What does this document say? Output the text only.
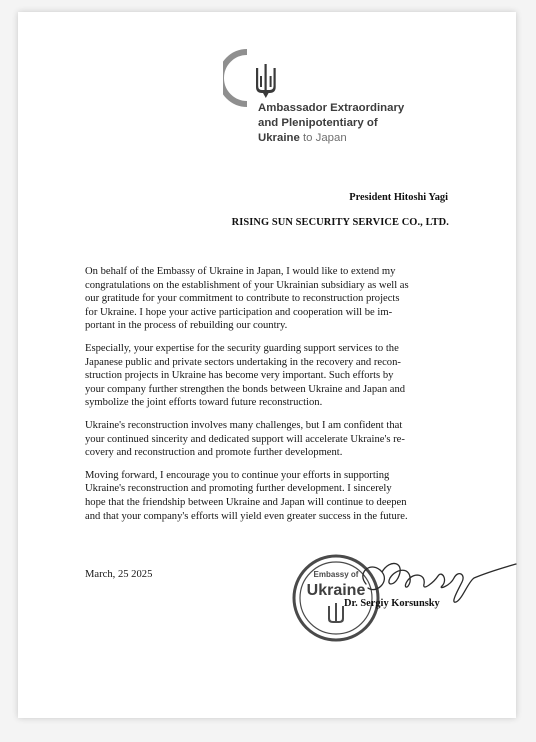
Ambassador Extraordinary
and Plenipotentiary of
Ukraine to Japan
President Hitoshi Yagi
RISING SUN SECURITY SERVICE CO., LTD.

On behalf of the Embassy of Ukraine in Japan, I would like to extend my
congratulations on the establishment of your Ukrainian subsidiary as well as
our gratitude for your commitment to contribute to reconstruction projects
for Ukraine. I hope your active participation and cooperation will be im-
portant in the process of rebuilding our country.

Especially, your expertise for the security guarding support services to the
Japanese public and private sectors undertaking in the recovery and recon-
struction projects in Ukraine has become very important. Such efforts by
your company further strengthen the bonds between Ukraine and Japan and
symbolize the joint efforts toward future reconstruction.

Ukraine's reconstruction involves many challenges, but I am confident that
your continued sincerity and dedicated support will accelerate Ukraine's re-
covery and reconstruction and promote further development.

Moving forward, I encourage you to continue your efforts in supporting
Ukraine's reconstruction and promoting further development. I sincerely
hope that the friendship between Ukraine and Japan will continue to deepen
and that your company's efforts will yield even greater success in the future.

March, 25 2025	Embassy of
Ukraine
Dr. Sergiy Korsunsky
